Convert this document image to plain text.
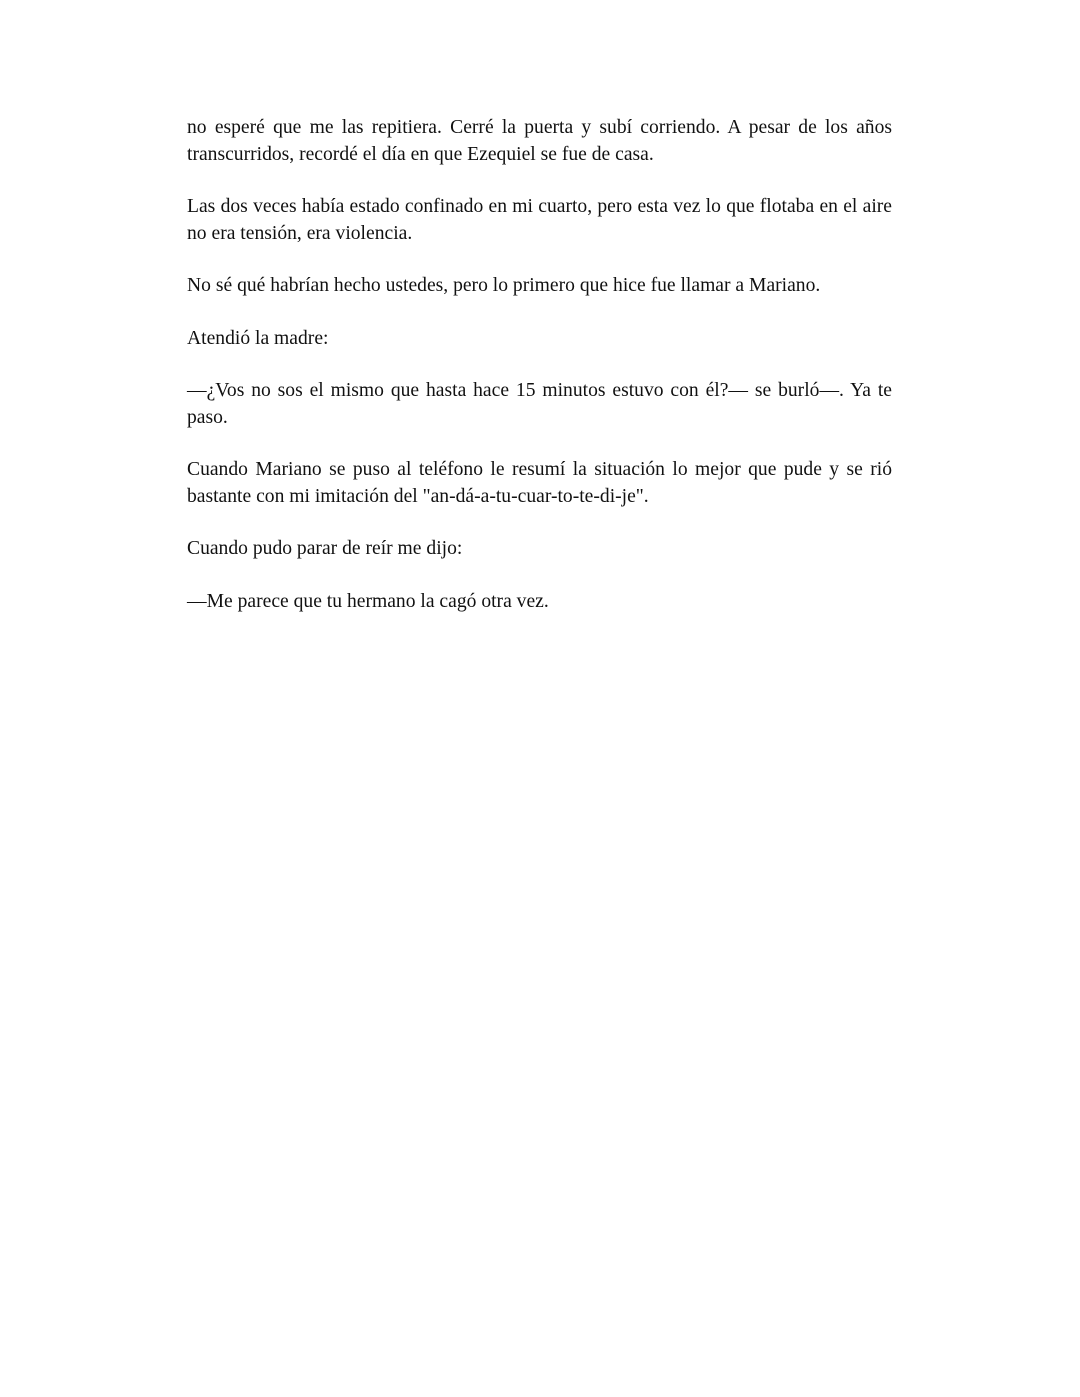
no esperé que me las repitiera. Cerré la puerta y subí corriendo. A pesar de los años transcurridos, recordé el día en que Ezequiel se fue de casa.

Las dos veces había estado confinado en mi cuarto, pero esta vez lo que flotaba en el aire no era tensión, era violencia.

No sé qué habrían hecho ustedes, pero lo primero que hice fue llamar a Mariano.

Atendió la madre:

—¿Vos no sos el mismo que hasta hace 15 minutos estuvo con él?— se burló—. Ya te paso.

Cuando Mariano se puso al teléfono le resumí la situación lo mejor que pude y se rió bastante con mi imitación del "an-dá-a-tu-cuar-to-te-di-je".

Cuando pudo parar de reír me dijo:

—Me parece que tu hermano la cagó otra vez.
